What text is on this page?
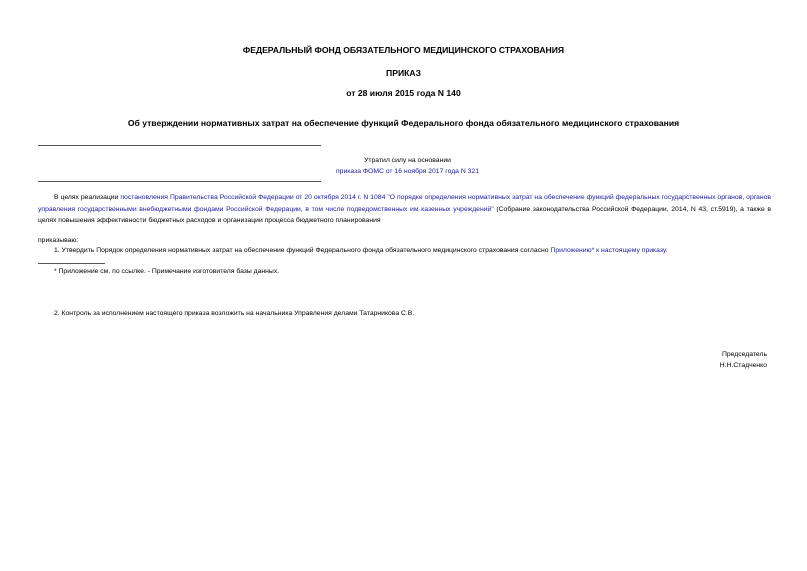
ФЕДЕРАЛЬНЫЙ ФОНД ОБЯЗАТЕЛЬНОГО МЕДИЦИНСКОГО СТРАХОВАНИЯ
ПРИКАЗ
от 28 июля 2015 года N 140
Об утверждении нормативных затрат на обеспечение функций Федерального фонда обязательного медицинского страхования
Утратил силу на основании
приказа ФОМС от 16 ноября 2017 года N 321
В целях реализации постановления Правительства Российской Федерации от 20 октября 2014 г. N 1084 "О порядке определения нормативных затрат на обеспечение функций федеральных государственных органов, органов управления государственными внебюджетными фондами Российской Федерации, в том числе подведомственных им казенных учреждений" (Собрание законодательства Российской Федерации, 2014, N 43, ст.5919), а также в целях повышения эффективности бюджетных расходов и организации процесса бюджетного планирования
приказываю:
1. Утвердить Порядок определения нормативных затрат на обеспечение функций Федерального фонда обязательного медицинского страхования согласно Приложению* к настоящему приказу.
* Приложение см. по ссылке. - Примечание изготовителя базы данных.
2. Контроль за исполнением настоящего приказа возложить на начальника Управления делами Татарникова С.В.
Председатель
Н.Н.Стадченко
